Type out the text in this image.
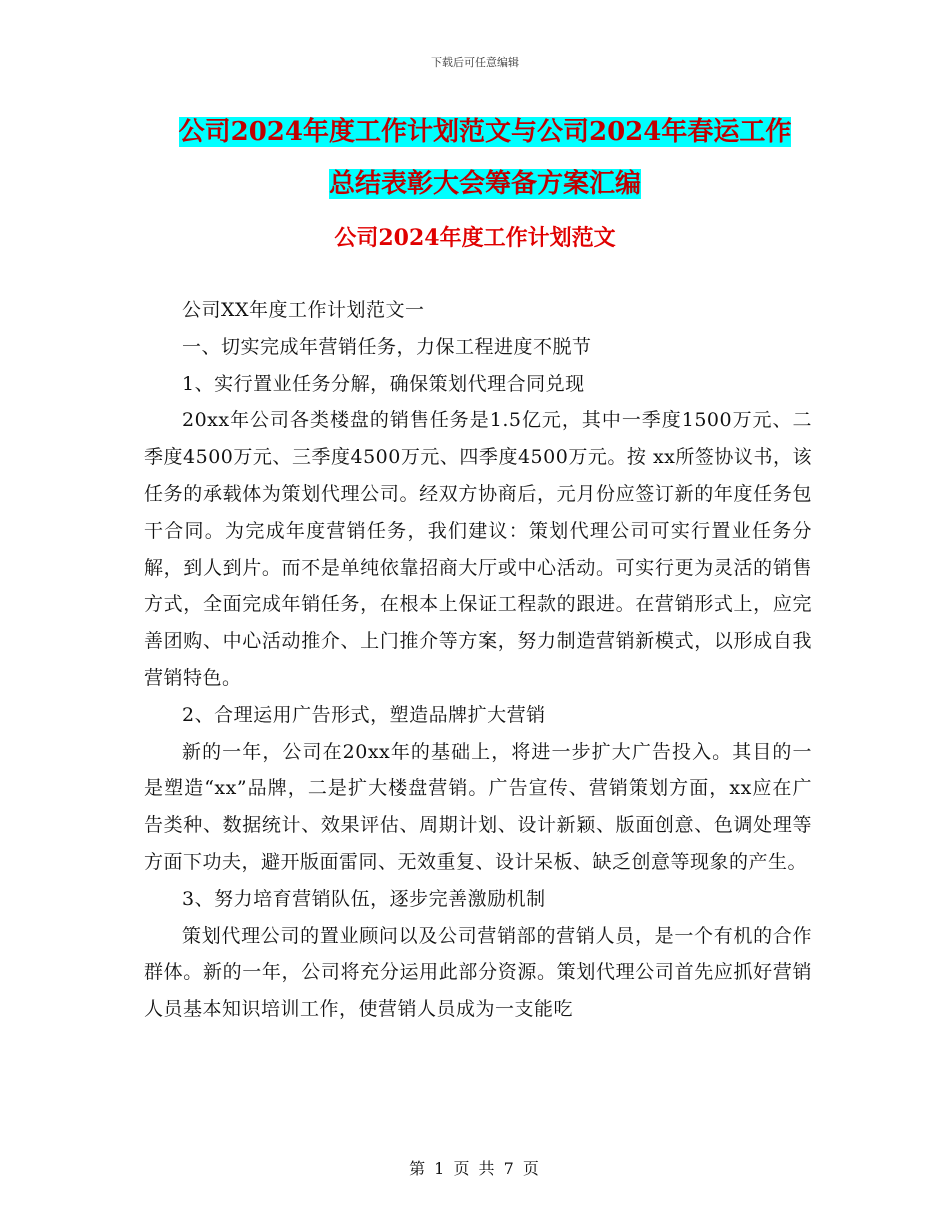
下载后可任意编辑
公司2024年度工作计划范文与公司2024年春运工作
总结表彰大会筹备方案汇编
公司2024年度工作计划范文

公司XX年度工作计划范文一

一、切实完成年营销任务，力保工程进度不脱节

1、实行置业任务分解，确保策划代理合同兑现

20xx年公司各类楼盘的销售任务是1.5亿元，其中一季度1500万元、二季度4500万元、三季度4500万元、四季度4500万元。按 xx所签协议书，该任务的承载体为策划代理公司。经双方协商后，元月份应签订新的年度任务包干合同。为完成年度营销任务，我们建议：策划代理公司可实行置业任务分解，到人到片。而不是单纯依靠招商大厅或中心活动。可实行更为灵活的销售方式，全面完成年销任务，在根本上保证工程款的跟进。在营销形式上，应完善团购、中心活动推介、上门推介等方案，努力制造营销新模式，以形成自我营销特色。

2、合理运用广告形式，塑造品牌扩大营销

新的一年，公司在20xx年的基础上，将进一步扩大广告投入。其目的一是塑造“xx”品牌，二是扩大楼盘营销。广告宣传、营销策划方面，xx应在广告类种、数据统计、效果评估、周期计划、设计新颖、版面创意、色调处理等方面下功夫，避开版面雷同、无效重复、设计呆板、缺乏创意等现象的产生。

3、努力培育营销队伍，逐步完善激励机制

策划代理公司的置业顾问以及公司营销部的营销人员，是一个有机的合作群体。新的一年，公司将充分运用此部分资源。策划代理公司首先应抓好营销人员基本知识培训工作，使营销人员成为一支能吃

第 1 页 共 7 页
